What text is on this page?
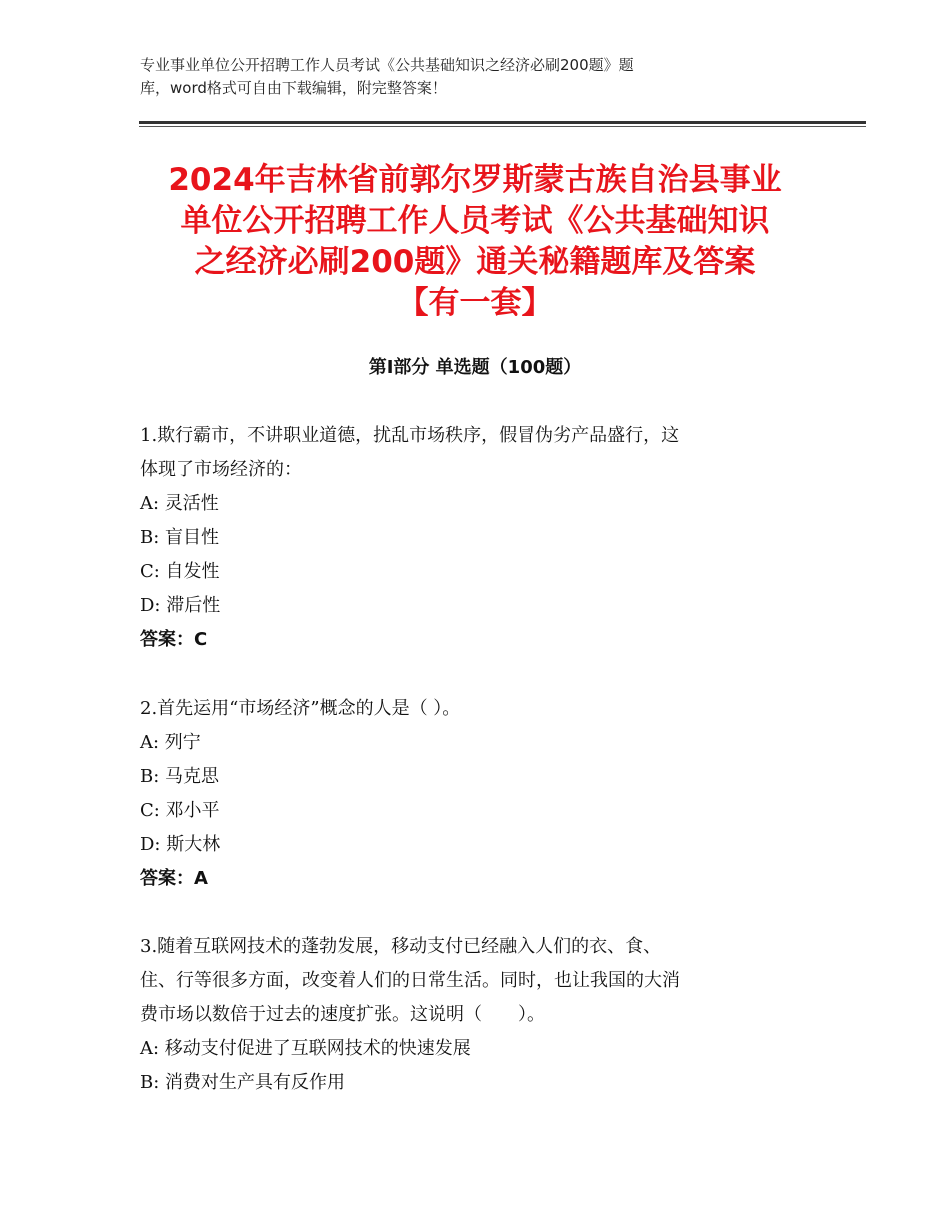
专业事业单位公开招聘工作人员考试《公共基础知识之经济必刷200题》题
库，word格式可自由下载编辑，附完整答案！
2024年吉林省前郭尔罗斯蒙古族自治县事业
单位公开招聘工作人员考试《公共基础知识
之经济必刷200题》通关秘籍题库及答案
【有一套】
第I部分 单选题（100题）
1.欺行霸市，不讲职业道德，扰乱市场秩序，假冒伪劣产品盛行，这
体现了市场经济的：
A: 灵活性
B: 盲目性
C: 自发性
D: 滞后性
答案：C
2.首先运用“市场经济”概念的人是（ ）。
A: 列宁
B: 马克思
C: 邓小平
D: 斯大林
答案：A
3.随着互联网技术的蓬勃发展，移动支付已经融入人们的衣、食、
住、行等很多方面，改变着人们的日常生活。同时，也让我国的大消
费市场以数倍于过去的速度扩张。这说明（　　）。
A: 移动支付促进了互联网技术的快速发展
B: 消费对生产具有反作用
